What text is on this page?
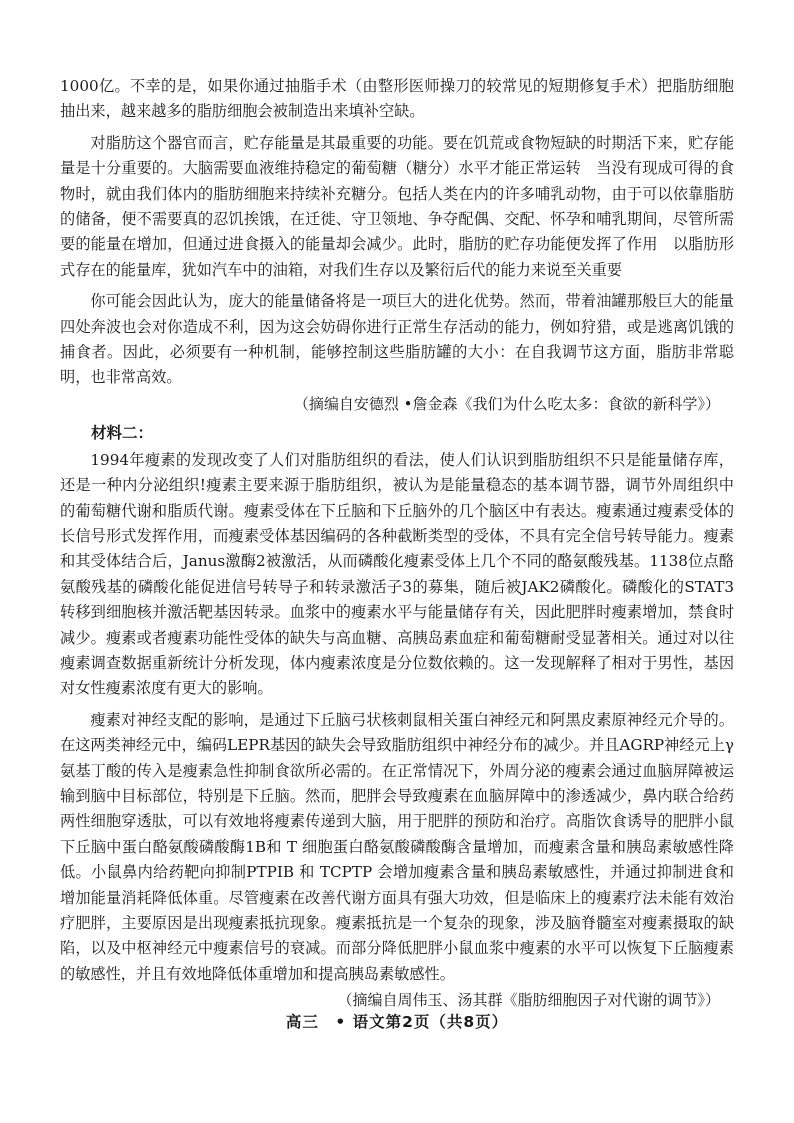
1000亿。不幸的是，如果你通过抽脂手术（由整形医师操刀的较常见的短期修复手术）把脂肪细胞抽出来，越来越多的脂肪细胞会被制造出来填补空缺。

对脂肪这个器官而言，贮存能量是其最重要的功能。要在饥荒或食物短缺的时期活下来，贮存能量是十分重要的。大脑需要血液维持稳定的葡萄糖（糖分）水平才能正常运转　当没有现成可得的食物时，就由我们体内的脂肪细胞来持续补充糖分。包括人类在内的许多哺乳动物，由于可以依靠脂肪的储备，便不需要真的忍饥挨饿，在迁徙、守卫领地、争夺配偶、交配、怀孕和哺乳期间，尽管所需要的能量在增加，但通过进食摄入的能量却会减少。此时，脂肪的贮存功能便发挥了作用　以脂肪形式存在的能量库，犹如汽车中的油箱，对我们生存以及繁衍后代的能力来说至关重要

你可能会因此认为，庞大的能量储备将是一项巨大的进化优势。然而，带着油罐那般巨大的能量四处奔波也会对你造成不利，因为这会妨碍你进行正常生存活动的能力，例如狩猎，或是逃离饥饿的捕食者。因此，必须要有一种机制，能够控制这些脂肪罐的大小：在自我调节这方面，脂肪非常聪明，也非常高效。

（摘编自安德烈 •詹金森《我们为什么吃太多：食欲的新科学》）

材料二：

1994年瘦素的发现改变了人们对脂肪组织的看法，使人们认识到脂肪组织不只是能量储存库，还是一种内分泌组织!瘦素主要来源于脂肪组织，被认为是能量稳态的基本调节器，调节外周组织中的葡萄糖代谢和脂质代谢。瘦素受体在下丘脑和下丘脑外的几个脑区中有表达。瘦素通过瘦素受体的长信号形式发挥作用，而瘦素受体基因编码的各种截断类型的受体，不具有完全信号转导能力。瘦素和其受体结合后，Janus激酶2被激活，从而磷酸化瘦素受体上几个不同的酪氨酸残基。1138位点酪氨酸残基的磷酸化能促进信号转导子和转录激活子3的募集，随后被JAK2磷酸化。磷酸化的STAT3转移到细胞核并激活靶基因转录。血浆中的瘦素水平与能量储存有关，因此肥胖时瘦素增加，禁食时减少。瘦素或者瘦素功能性受体的缺失与高血糖、高胰岛素血症和葡萄糖耐受显著相关。通过对以往瘦素调查数据重新统计分析发现，体内瘦素浓度是分位数依赖的。这一发现解释了相对于男性，基因对女性瘦素浓度有更大的影响。

瘦素对神经支配的影响，是通过下丘脑弓状核刺鼠相关蛋白神经元和阿黑皮素原神经元介导的。在这两类神经元中，编码LEPR基因的缺失会导致脂肪组织中神经分布的减少。并且AGRP神经元上γ氨基丁酸的传入是瘦素急性抑制食欲所必需的。在正常情况下，外周分泌的瘦素会通过血脑屏障被运输到脑中目标部位，特别是下丘脑。然而，肥胖会导致瘦素在血脑屏障中的渗透减少，鼻内联合给药两性细胞穿透肽，可以有效地将瘦素传递到大脑，用于肥胖的预防和治疗。高脂饮食诱导的肥胖小鼠下丘脑中蛋白酪氨酸磷酸酶1B和 T 细胞蛋白酪氨酸磷酸酶含量增加，而瘦素含量和胰岛素敏感性降低。小鼠鼻内给药靶向抑制PTPIB 和 TCPTP 会增加瘦素含量和胰岛素敏感性，并通过抑制进食和增加能量消耗降低体重。尽管瘦素在改善代谢方面具有强大功效，但是临床上的瘦素疗法未能有效治疗肥胖，主要原因是出现瘦素抵抗现象。瘦素抵抗是一个复杂的现象，涉及脑脊髓室对瘦素摄取的缺陷，以及中枢神经元中瘦素信号的衰减。而部分降低肥胖小鼠血浆中瘦素的水平可以恢复下丘脑瘦素的敏感性，并且有效地降低体重增加和提高胰岛素敏感性。

（摘编自周伟玉、汤其群《脂肪细胞因子对代谢的调节》）

高三　• 语文第2页（共8页）
